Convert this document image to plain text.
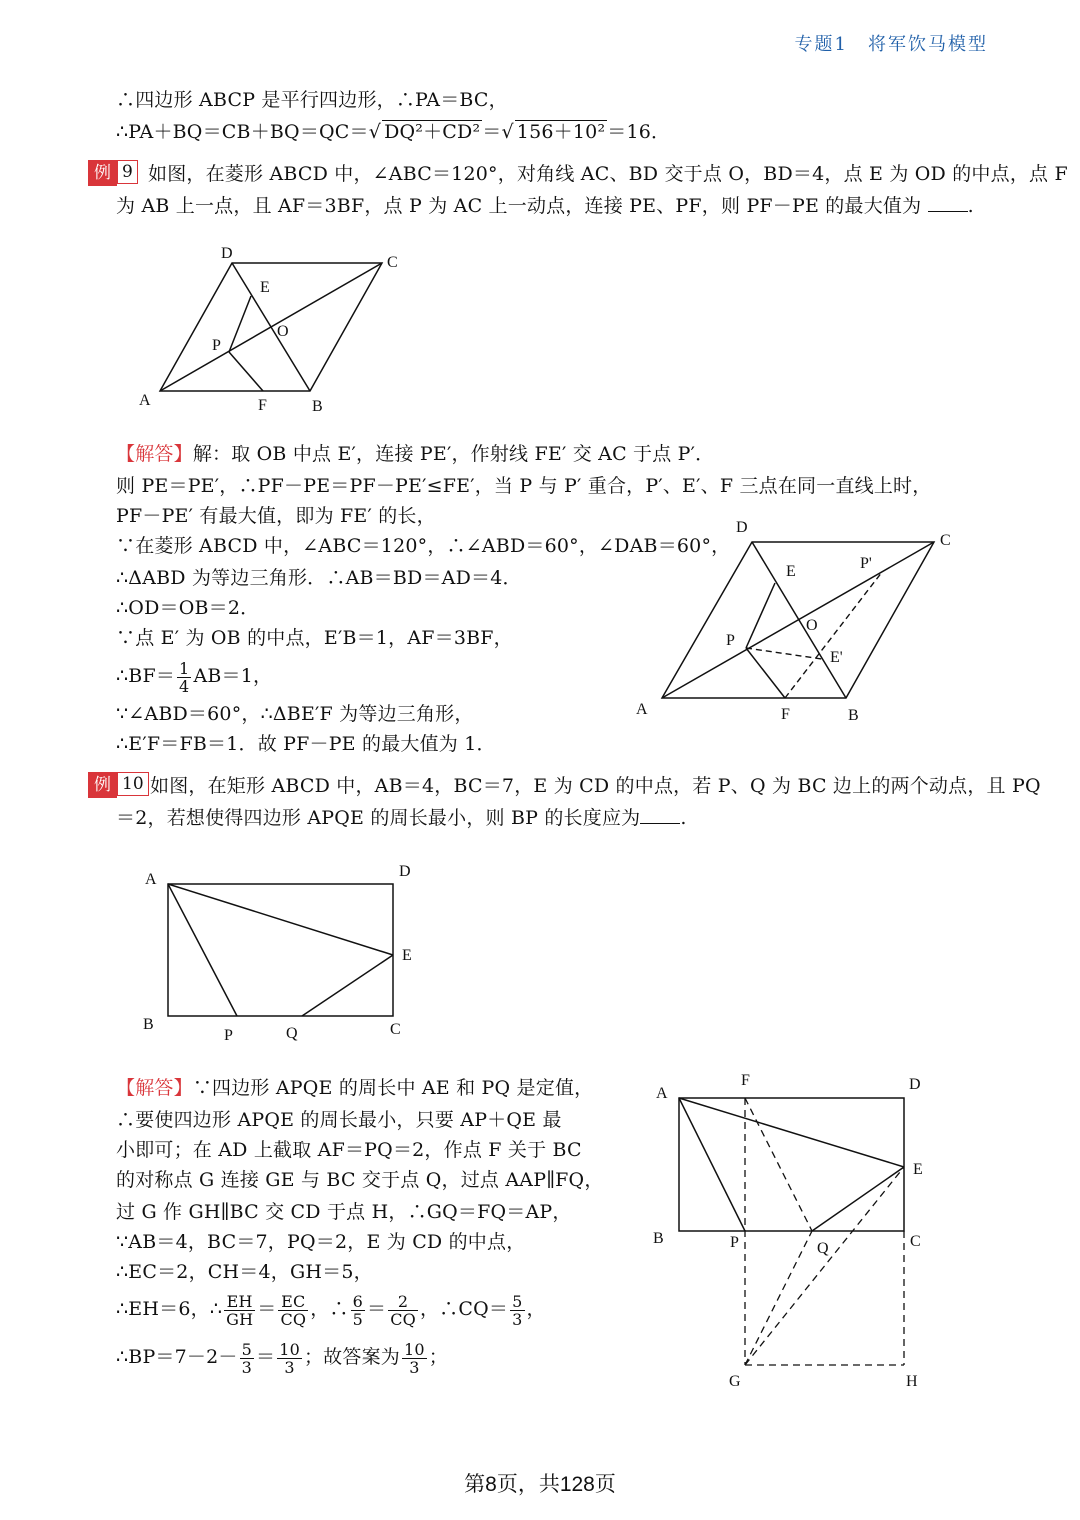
专题1　将军饮马模型
∴四边形 ABCP 是平行四边形，∴PA＝BC，
∴PA＋BQ＝CB＋BQ＝QC＝√ DQ²＋CD² ＝√ 156＋10² ＝16．
例 9 如图，在菱形 ABCD 中，∠ABC＝120°，对角线 AC、BD 交于点 O，BD＝4，点 E 为 OD 的中点，点 F
为 AB 上一点，且 AF＝3BF，点 P 为 AC 上一动点，连接 PE、PF，则 PF－PE 的最大值为 .
A	B
C
D
E
F
O
P
【解答】解：取 OB 中点 E′，连接 PE′，作射线 FE′ 交 AC 于点 P′．
则 PE＝PE′，∴PF－PE＝PF－PE′≤FE′，当 P 与 P′ 重合，P′、E′、F 三点在同一直线上时，
PF－PE′ 有最大值，即为 FE′ 的长，
∵在菱形 ABCD 中，∠ABC＝120°，∴∠ABD＝60°，∠DAB＝60°，
∴ΔABD 为等边三角形．∴AB＝BD＝AD＝4．
∴OD＝OB＝2．
∵点 E′ 为 OB 的中点，E′B＝1，AF＝3BF，
∴BF＝ $\frac{1}{4} AB=1$，
∵∠ABD＝60°，∴ΔBE′F 为等边三角形，
∴E′F＝FB＝1．故 PF－PE 的最大值为 1．
A	B
C
D
E
F
O
P
P'
E'
例 10 如图，在矩形 ABCD 中，AB＝4，BC＝7，E 为 CD 的中点，若 P、Q 为 BC 边上的两个动点，且 PQ
＝2，若想使得四边形 APQE 的周长最小，则 BP 的长度应为 .
A
B	C
D
E
P	Q
【解答】∵四边形 APQE 的周长中 AE 和 PQ 是定值，
∴要使四边形 APQE 的周长最小，只要 AP＋QE 最
小即可；在 AD 上截取 AF＝PQ＝2，作点 F 关于 BC
的对称点 G 连接 GE 与 BC 交于点 Q，过点 AAP∥FQ，
过 G 作 GH∥BC 交 CD 于点 H，∴GQ＝FQ＝AP，
∵AB＝4，BC＝7，PQ＝2，E 为 CD 的中点，
∴EC＝2，CH＝4，GH＝5，
∴EH＝6，∴ $\frac{EH}{GH} = \frac{EC}{CQ}$ ，∴ $\frac{6}{5} = \frac{2}{CQ}$ ，∴CQ＝ $\frac{5}{3}$ ，
∴BP＝7－2－ $\frac{5}{3} = \frac{10}{3}$ ；故答案为 $\frac{10}{3}$ ；
A
B	C
D
E
F
G	H
P	Q
第8页，共128页
